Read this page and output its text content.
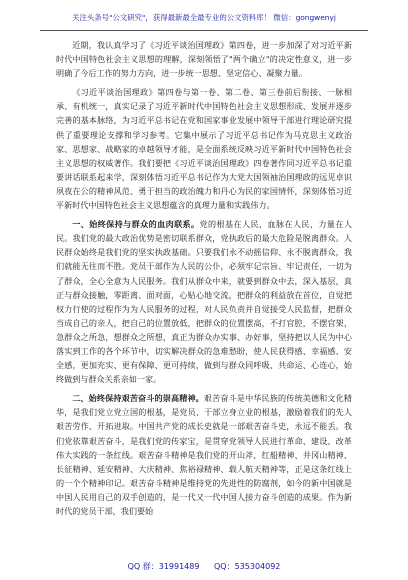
关注头条号"公文研究"，获得最新最全最专业的公文资料库！ 微信：gongwenyj

近期，我认真学习了《习近平谈治国理政》第四卷，进一步加深了对习近平新时代中国特色社会主义思想的理解，深刻领悟了"两个确立"的决定性意义，进一步明确了今后工作的努力方向，进一步统一思想、坚定信心、凝聚力量。

《习近平谈治国理政》第四卷与第一卷、第二卷、第三卷前后衔接、一脉相承、有机统一，真实记录了习近平新时代中国特色社会主义思想形成、发展并逐步完善的基本脉络，为习近平总书记在党和国家事业发展中领导干部进行理论研究提供了重要理论支撑和学习参考。它集中展示了习近平总书记作为马克思主义政治家、思想家、战略家的卓越领导才能，是全面系统反映习近平新时代中国特色社会主义思想的权威著作。我们要把《习近平谈治国理政》四卷著作同习近平总书记重要讲话联系起来学，深刻体悟习近平总书记作为大党大国领袖治国理政的远见卓识夙夜在公的精神风范、勇于担当的政治魄力和丹心为民的家国情怀，深刻体悟习近平新时代中国特色社会主义思想蕴含的真理力量和实践伟力。

一、始终保持与群众的血肉联系。党的根基在人民，血脉在人民，力量在人民。我们党的最大政治优势是密切联系群众，党执政后的最大危险是脱离群众。人民群众始终是我们党的坚实执政基础。只要我们永不动摇信仰、永不脱离群众，我们就能无往而不胜。党员干部作为人民的公仆，必须牢记宗旨、牢记责任，一切为了群众，全心全意为人民服务。我们从群众中来，就要到群众中去，深入基层，真正与群众接触，零距离、面对面，心贴心地交流，把群众的利益放在首位，自觉把权力行使的过程作为为人民服务的过程，对人民负责并自觉接受人民监督，把群众当成自己的亲人，把自己的位置放低，把群众的位置摆高，不打官腔，不摆官架，急群众之所急，想群众之所想，真正为群众办实事、办好事，坚持把以人民为中心落实到工作的各个环节中，切实解决群众的急难愁盼，使人民获得感、幸福感、安全感，更加充实、更有保障、更可持续，做到与群众同呼吸、共命运、心连心，始终做到与群众关系亲如一家。

二、始终保持艰苦奋斗的崇高精神。艰苦奋斗是中华民族的传统美德和文化精华，是我们党立党立国的根基，是党员、干部立身立业的根基，激励着我们的先人艰苦劳作、开拓进取。中国共产党的成长史就是一部艰苦奋斗史，永远不能丢。我们党依靠艰苦奋斗，是我们党的传家宝，是贯穿党领导人民进行革命、建设、改革伟大实践的一条红线。艰苦奋斗精神是我们党的开山斧，红船精神、井冈山精神、长征精神、延安精神、大庆精神、焦裕禄精神、载人航天精神等，正是这条红线上的一个个精神印记。艰苦奋斗精神是维持党的先进性的防腐剂，如今的新中国就是中国人民用自己的双手创造的，是一代又一代中国人接力奋斗创造的成果。作为新时代的党员干部，我们要始

QQ 群：31991489 QQ：535304092
